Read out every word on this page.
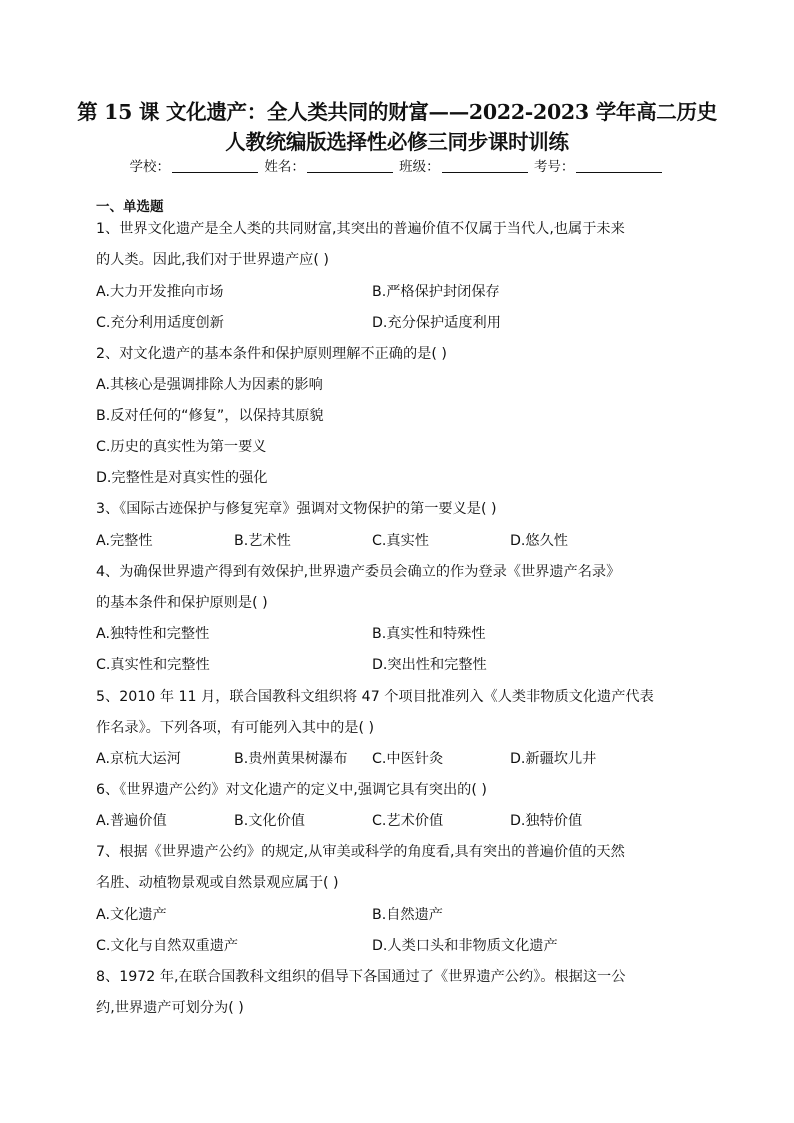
第 15 课 文化遗产：全人类共同的财富——2022-2023 学年高二历史
人教统编版选择性必修三同步课时训练
学校：	姓名：	班级：	考号：
一、单选题
1、世界文化遗产是全人类的共同财富,其突出的普遍价值不仅属于当代人,也属于未来
的人类。因此,我们对于世界遗产应( )
A.大力开发推向市场	B.严格保护封闭保存
C.充分利用适度创新	D.充分保护适度利用
2、对文化遗产的基本条件和保护原则理解不正确的是( )
A.其核心是强调排除人为因素的影响
B.反对任何的“修复”，以保持其原貌
C.历史的真实性为第一要义
D.完整性是对真实性的强化
3、《国际古迹保护与修复宪章》强调对文物保护的第一要义是( )
A.完整性	B.艺术性	C.真实性	D.悠久性
4、为确保世界遗产得到有效保护,世界遗产委员会确立的作为登录《世界遗产名录》
的基本条件和保护原则是( )
A.独特性和完整性	B.真实性和特殊性
C.真实性和完整性	D.突出性和完整性
5、2010 年 11 月，联合国教科文组织将 47 个项目批准列入《人类非物质文化遗产代表
作名录》。下列各项，有可能列入其中的是( )
A.京杭大运河	B.贵州黄果树瀑布 C.中医针灸	D.新疆坎儿井
6、《世界遗产公约》对文化遗产的定义中,强调它具有突出的( )
A.普遍价值	B.文化价值	C.艺术价值	D.独特价值
7、根据《世界遗产公约》的规定,从审美或科学的角度看,具有突出的普遍价值的天然
名胜、动植物景观或自然景观应属于( )
A.文化遗产	B.自然遗产
C.文化与自然双重遗产	D.人类口头和非物质文化遗产
8、1972 年,在联合国教科文组织的倡导下各国通过了《世界遗产公约》。根据这一公
约,世界遗产可划分为( )
